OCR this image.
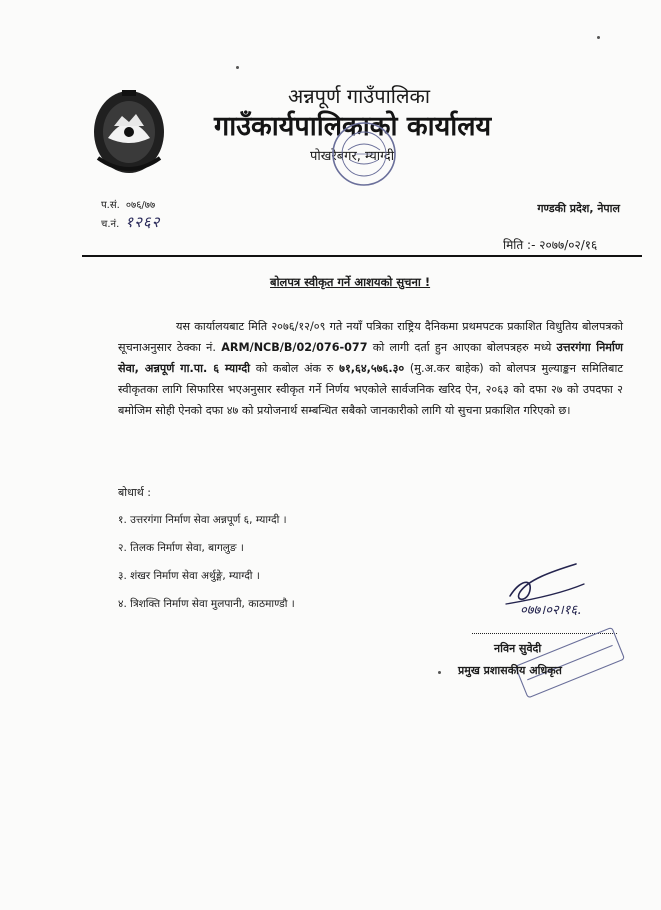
अन्नपूर्ण गाउँपालिका
गाउँकार्यपालिकाको कार्यालय
पोखरेबगर, म्याग्दी
प.सं. ०७६/७७
च.नं. १२६२
गण्डकी प्रदेश, नेपाल
मिति :- २०७७/०२/१६
बोलपत्र स्वीकृत गर्ने आशयको सुचना !
यस कार्यालयबाट मिति २०७६/१२/०९ गते नयाँ पत्रिका राष्ट्रिय दैनिकमा प्रथमपटक प्रकाशित विधुतिय बोलपत्रको सूचनाअनुसार ठेक्का नं. ARM/NCB/B/02/076-077 को लागी दर्ता हुन आएका बोलपत्रहरु मध्ये उत्तरगंगा निर्माण सेवा, अन्नपूर्ण गा.पा. ६ म्याग्दी को कबोल अंक रु ७१,६४,५७६.३० (मु.अ.कर बाहेक) को बोलपत्र मुल्याङ्कन समितिबाट स्वीकृतका लागि सिफारिस भएअनुसार स्वीकृत गर्ने निर्णय भएकोले सार्वजनिक खरिद ऐन, २०६३ को दफा २७ को उपदफा २ बमोजिम सोही ऐनको दफा ४७ को प्रयोजनार्थ सम्बन्धित सबैको जानकारीको लागि यो सुचना प्रकाशित गरिएको छ।
बोधार्थ :
१. उत्तरगंगा निर्माण सेवा अन्नपूर्ण ६, म्याग्दी ।
२. तिलक निर्माण सेवा, बागलुङ ।
३. शंखर निर्माण सेवा अर्थुङ्गे, म्याग्दी ।
४. त्रिशक्ति निर्माण सेवा मुलपानी, काठमाण्डौ ।	०७७।०२।१६.
नविन सुवेदी
प्रमुख प्रशासकीय अधिकृत
